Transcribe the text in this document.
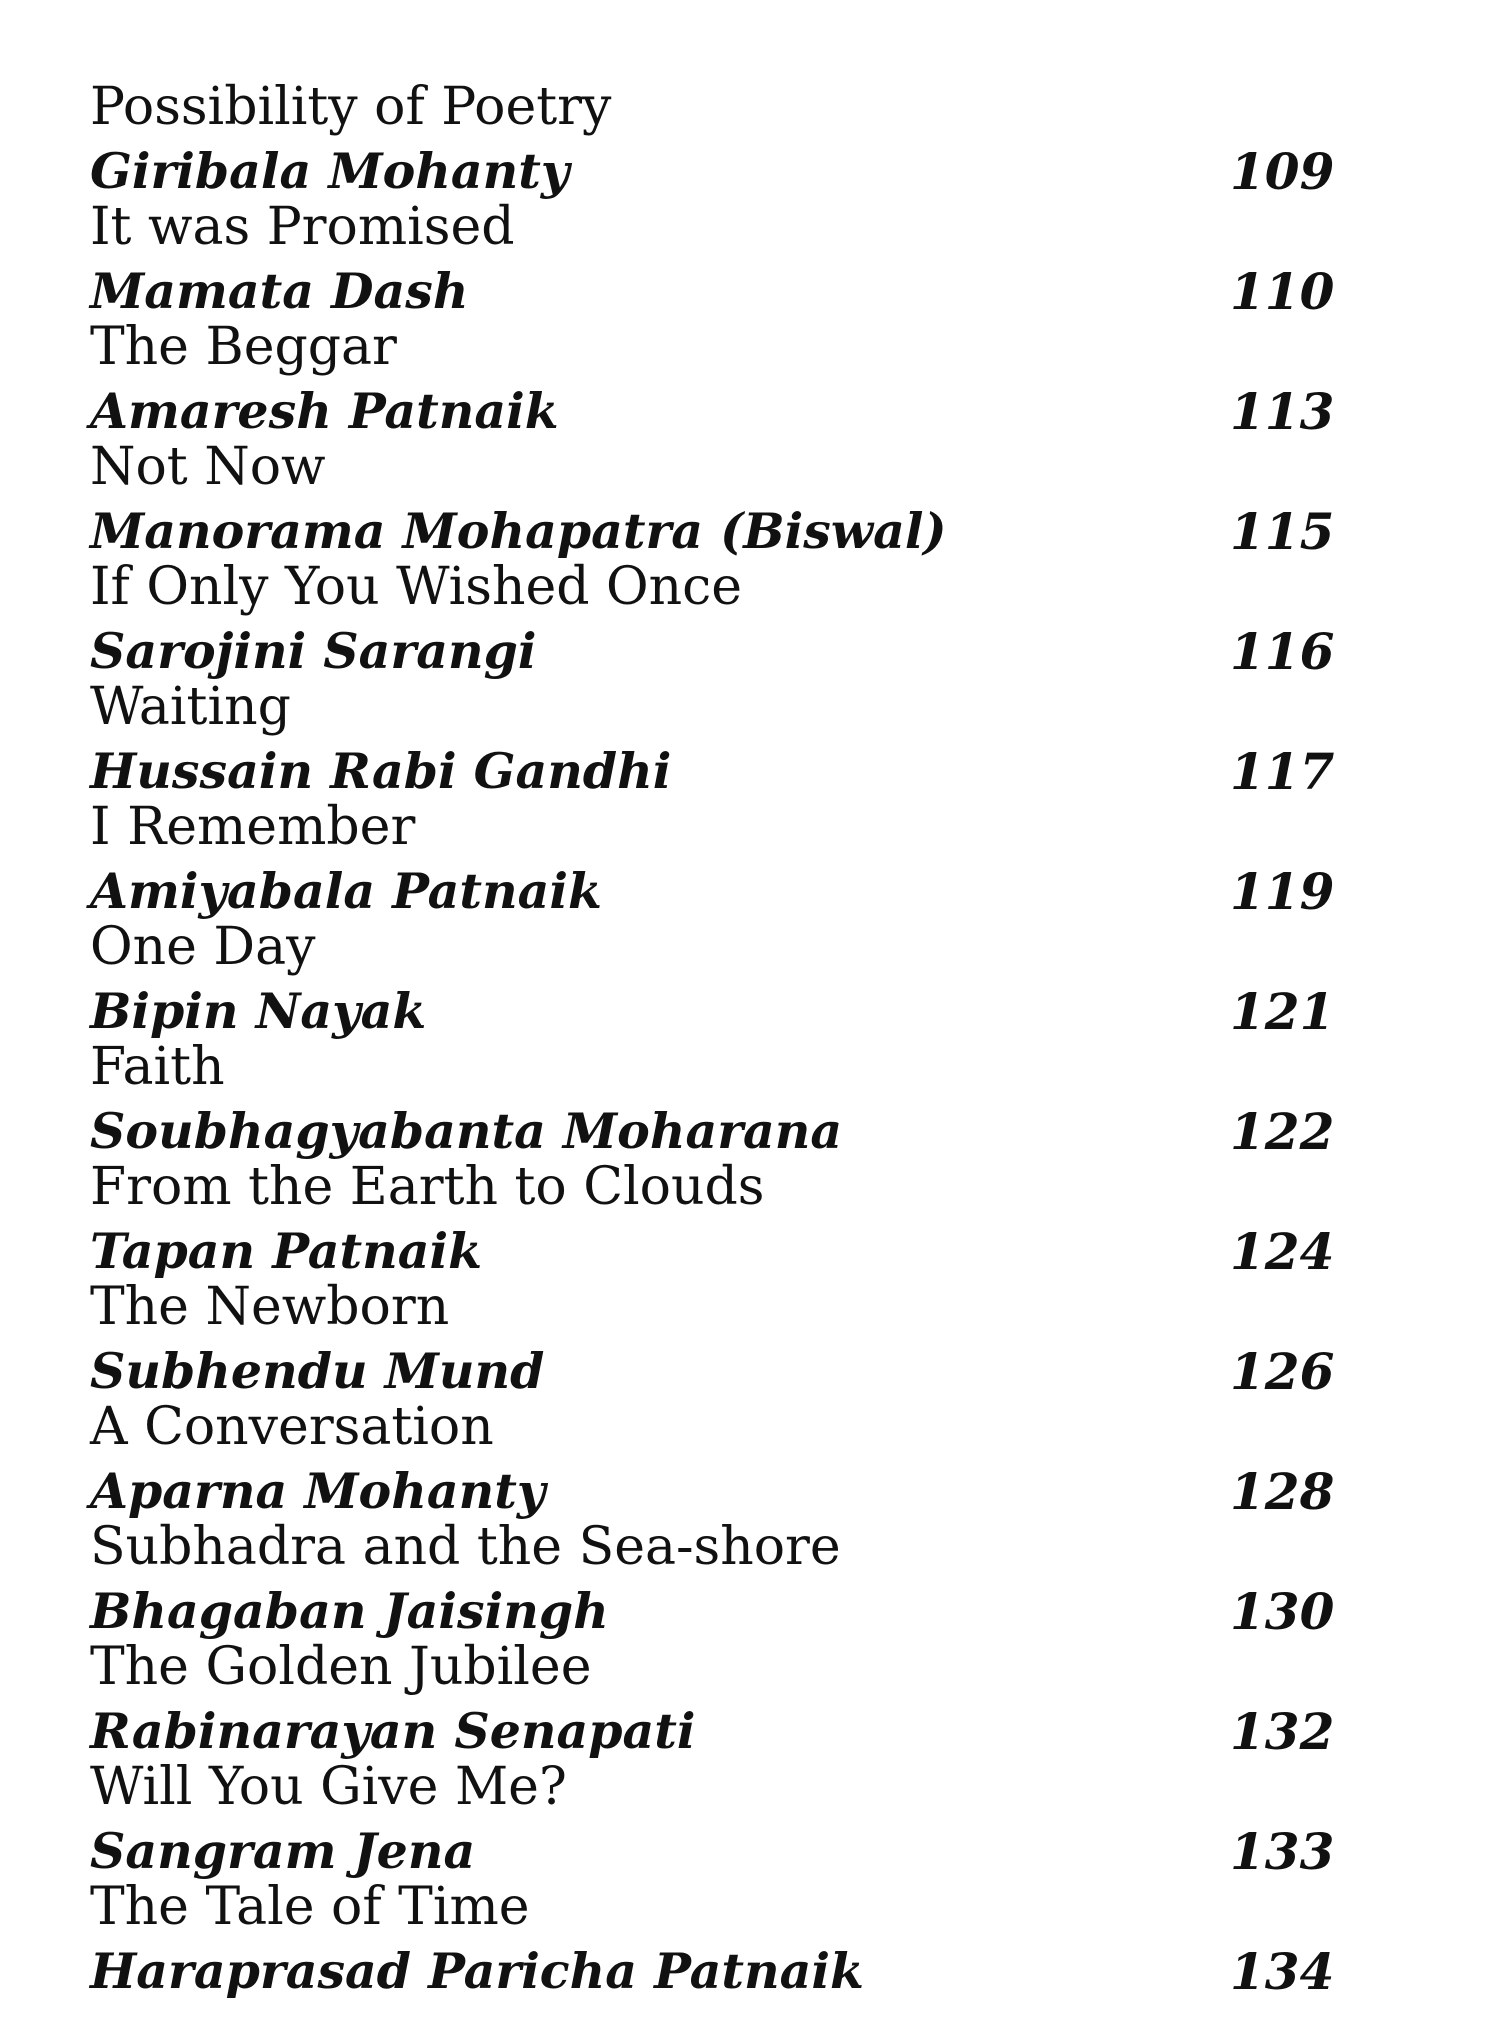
Possibility of Poetry
Giribala Mohanty	109
It was Promised
Mamata Dash	110
The Beggar
Amaresh Patnaik	113
Not Now
Manorama Mohapatra (Biswal)	115
If Only You Wished Once
Sarojini Sarangi	116
Waiting
Hussain Rabi Gandhi	117
I Remember
Amiyabala Patnaik	119
One Day
Bipin Nayak	121
Faith
Soubhagyabanta Moharana	122
From the Earth to Clouds
Tapan Patnaik	124
The Newborn
Subhendu Mund	126
A Conversation
Aparna Mohanty	128
Subhadra and the Sea-shore
Bhagaban Jaisingh	130
The Golden Jubilee
Rabinarayan Senapati	132
Will You Give Me?
Sangram Jena	133
The Tale of Time
Haraprasad Paricha Patnaik	134
